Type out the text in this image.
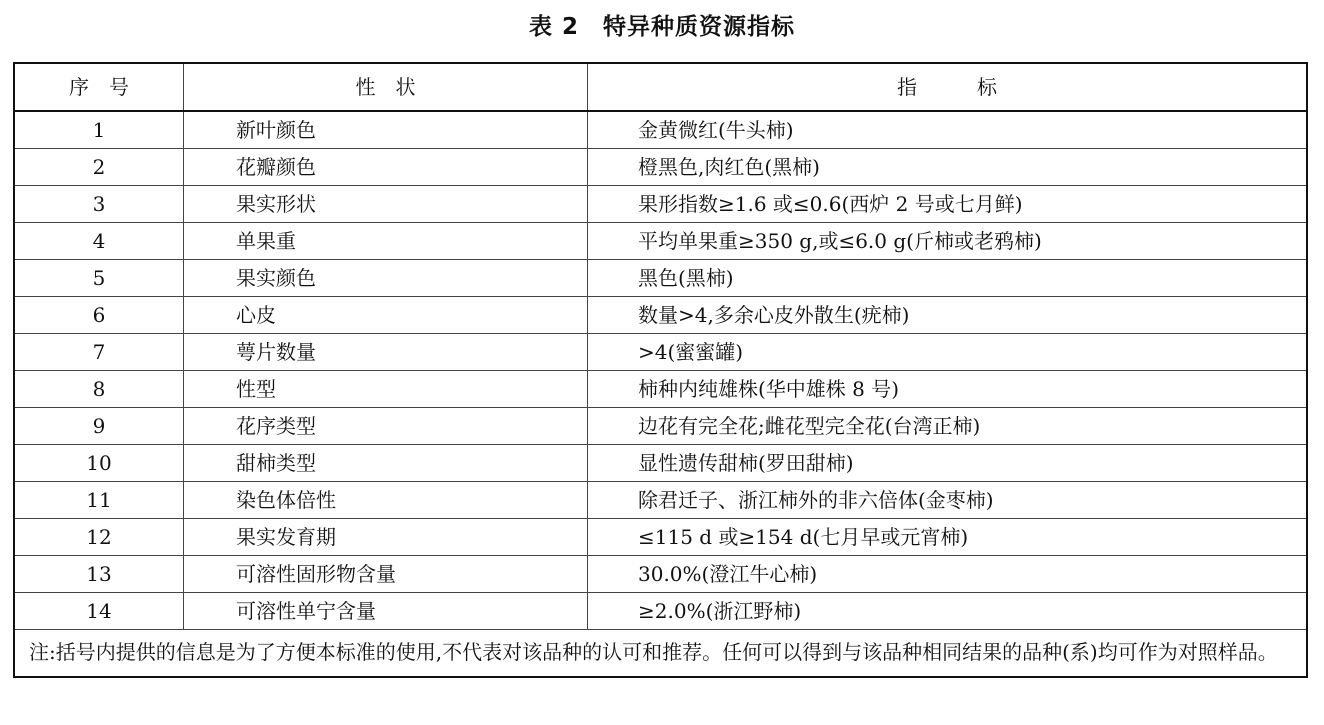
表 2 特异种质资源指标
序　号	性　状	指　　　标
1	新叶颜色	金黄微红(牛头柿)
2	花瓣颜色	橙黑色,肉红色(黑柿)
3	果实形状	果形指数≥1.6 或≤0.6(西炉 2 号或七月鲜)
4	单果重	平均单果重≥350 g,或≤6.0 g(斤柿或老鸦柿)
5	果实颜色	黑色(黑柿)
6	心皮	数量>4,多余心皮外散生(疣柿)
7	萼片数量	>4(蜜蜜罐)
8	性型	柿种内纯雄株(华中雄株 8 号)
9	花序类型	边花有完全花;雌花型完全花(台湾正柿)
10	甜柿类型	显性遗传甜柿(罗田甜柿)
11	染色体倍性	除君迁子、浙江柿外的非六倍体(金枣柿)
12	果实发育期	≤115 d 或≥154 d(七月早或元宵柿)
13	可溶性固形物含量	30.0%(澄江牛心柿)
14	可溶性单宁含量	≥2.0%(浙江野柿)

注:括号内提供的信息是为了方便本标准的使用,不代表对该品种的认可和推荐。任何可以得到与该品种相同结果的品种(系)均可作为对照样品。		
